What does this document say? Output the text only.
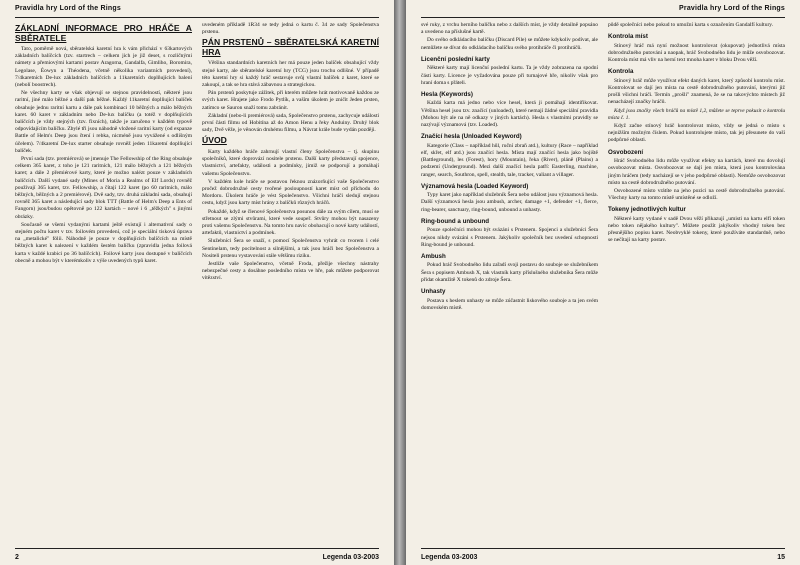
Pravidla hry Lord of the Rings
ZÁKLADNÍ INFORMACE PRO HRÁČE A SBĚRATELE

Tato, poměrně nová, sběratelská karetní hra k vám přichází v 63kartových základních balíčcích (tzv. startrech – celkem jich je již deset, s rozličnými námety a přemiovými kartami postav Aragorna, Gandalfa, Gimliho, Boromira, Legolase, Éowyn a Théodena, včetně několika variantních provedení), 7/4karetních De-lux základních balíčcích a 11karetních doplňujících balení (nebolí boostrech).

Ne všechny karty se však objevují se stejnou pravidelností, některé jsou raritní, jiné málo běžné a další pak běžné. Každý 11karetní doplňující balíček obsahuje jednu raritní kartu a dále pak kombinaci 10 běžných a málo běžných karet. 60 karet v základním nebo De-lux balíčku (a totéž v doplňujících balíčcích je vždy stejných (tzv. fixních), takže je zaručeno v každém typově odpovídajícím balíčku. Zbylé tři jsou náhodně vložené raritní karty (od expanze Battle of Helm's Deep jsou čtení i rebka, nicméně jsou vyvážené s odlišným účelem). 7/4karetní De-lux starter obsahuje rovněž jeden 11karetní doplňující balíček.

První sada (tzv. premiérová) se jmenuje The Fellowship of the Ring obsahuje celkem 365 karet, z toho je 121 raritních, 121 málo běžných a 121 běžných karet; a dále 2 přemiérové karty, které je možno nalézt pouze v základních balíčcích. Další vydané sady (Mines of Moria a Realms of Elf Lords) rovněž používají 365 karet, tzv. Fellowship, a čítají 122 karet (po 60 raritních, málo běžných, běžných a 2 premiérové). Dvě sady, tzv. druhá základní sada, obsahují rovněž 365 karet a následující sady blok TTT (Battle of Helm's Deep a Ents of Fangorn) jsou/budou opětovně po 122 kartách – nové i 6 „těžkých" s jinými obrázky.

Současně se všemi vydanými kartami ještě existují i alternativní sady o stejném počtu karet v tzv. foilovém provedení, což je speciální tisková úprava na „metalické" fólii. Náhodně je pouze v doplňujících balíčcích na místě běžných karet k nalezení v každém šestém balíčku (zpravidla jedna foilová karta v každé krabici po 36 balíčcích). Foilové karty jsou dostupné v balíčcích obecně a mohou být v kterémkoliv z výše uvedených typů karet.

uvedeném příkladě 1R34 se tedy jedná o kartu č. 34 ze sady Společenstva prstenu.

PÁN PRSTENŮ – SBĚRATELSKÁ KARETNÍ HRA

Většina standardních karetních her má pouze jeden balíček obsahující vždy stejné karty, ale sběratelské karetní hry (TCG) jsou trochu odlišné. V případě této karetní hry si každý hráč sestavuje svůj vlastní balíček z karet, které se zakoupí, a tak se hra stává zábavnou a strategickou.

Pán prstenů poskytuje zážitek, při kterém můžete hrát motivovaně každou ze svých karet. Hrajete jako Frodo Pytlík, a vaším úkolem je zničit Jeden prsten, zatímco se Sauron snaží tomu zabránit.

Základní (nebo-li premiérová) sada, Společenstvo prstenu, zachycuje události první části filmu od Hobitína až do Amon Henu a řeky Anduiny. Druhý blok sady, Dvě věže, je věnován druhému filmu, a Návrat krále bude vydán později.

ÚVOD

Karty každého hráče zahrnují vlastní členy Společenstva – tj. skupinu společníků, které doprovází nositele prstenu. Další karty představují spojence, vlastnictví, artefakty, události a podmínky, jimiž se podporují a pomáhají vašemu Společenstvu.

V každém kole hráče se postavou řeknou znázorňující vaše Společenstvo pročež dobrodružné cesty tvořené posloupností karet míst od příchodu do Mordoru. Úkolem hráče je vést Společenstvo. Všichni hráči sledují stejnou cestu, když jsou karty míst hrány z balíčků různých hráčů.

Pokaždé, když se členové Společenstva posunou dále za svým cílem, musí se střetnout se zlými stvůrami, které vede soupeř. Stvůry mohou být nasazeny proti vašemu Společenstvu. Na tomto hru navíc obohacují o nové karty událostí, artefaktů, vlastnictví a podmínek.

Služebníci Šera se snaží, s pomocí Společenstva vyhrát co tvorem i celé Sentinelam, tedy pocítelnost a silnějšími, a tak jsou hráči bez Společenstva a Nositeli prstenu vystavováni stále většímu riziku.

Jestliže vaše Společenstvo, včetně Froda, přežije všechny nástrahy nebezpečné cesty a dosáhne posledního místa ve hře, pak můžete podporovat vítězství.

2	Legenda 03-2003
Pravidla hry Lord of the Rings

své ruky, z vrchu herního balíčku nebo z dalších míst, je vždy detailně popsáno a uvedeno na příslušné kartě.

Do svého odkládacího balíčku (Discard Pile) se můžete kdykoliv podívat, ale nemůžete se dívat do odkládacího balíčku svého protihráče či protihráčů.

Licenční poslední karty

Některé karty mají licenční poslední kartu. Ta je vždy zobrazena na spodní části karty. Licence je vyžadována pouze při turnajové hře, nikoliv však pro hraní doma s přáteli.

Hesla (Keywords)

Každá karta má jedno nebo více hesel, která ji pomáhají identifikovat. Většina hesel jsou tzv. značící (unloaded), které nemají žádné speciální pravidla (Mohou být ale na ně odkazy v jiných kartách). Hesla s vlastními pravidly se nazývají významová (tzv. Loaded).

Značící hesla (Unloaded Keyword)

Kategorie (Class – například hůl, ruční zbraň atd.), kultury (Race – například elf, skřet, elf atd.) jsou značící hesla. Místa mají značící hesla jako bojiště (Battleground), les (Forest), hory (Mountain), řeka (River), pláně (Plains) a podzemí (Underground). Mezi další značící hesla patří: Easterling, machine, ranger, search, Southron, spell, stealth, tale, tracker, valiant a villager.

Významová hesla (Loaded Keyword)

Typy karet jako například služebník Šera nebo událost jsou významová hesla. Další významová hesla jsou ambush, archer, damage +1, defender +1, fierce, ring-bearer, sanctuary, ring-bound, unbound a unhasty.

Ring-bound a unbound

Pouze společníci mohou být svázáni s Prstenem. Spojenci a služebníci Šera nejsou nikdy svázáni s Prstenem. Jakýkoliv společník bez uvedení schopnosti Ring-bound je unbound.

Ambush

Pokud hráč Svobodného lidu zařadí svoji postavu do souboje se služebníkem Šera s popisem Ambush X, tak vlastník karty příslušného služebníka Šera může přidat okamžitě X tokenů do zdroje Šera.

Unhasty

Postava s heslem unhasty se může zúčastnit liskového souboje a ta jen svém domovském místě.

půdě společníci nebo pokud to umožní karta s označením Gandalfí kultury.

Kontrola míst

Stínový hráč má nyní možnost kontrolovat (okupovat) jednotlivá místa dobrodružného putování a naopak, hráč Svobodného lidu je může osvobozovat. Kontrola míst má vliv na herní text mnoha karet v bloku Dvou věží.

Kontrola

Stínový hráč může využívat efekt daných karet, který způsobí kontrolu míst. Kontrolovat se dají jen místa na cestě dobrodružného putování, kterými již prošli všichni hráči. Termín „prošli" znamená, že se na takovýchto místech již nenacházejí značky hráčů.

Když jsou značky všech hráčů na místě 1,2, můžete se teprve pokusit o kontrolu místa č. 1.

Když začne stínový hráč kontrolovat místo, vždy se jedná o místo s nejnižším možným číslem. Pokud kontrolujete místo, tak jej přesunete do vaší podpůrné oblasti.

Osvobození

Hráč Svobodného lidu může využívat efekty na kartách, které mu dovolují osvobozovat místa. Osvobozovat se dají jen místa, která jsou kontrolována jiným hráčem (tedy nacházejí se v jeho podpůrné oblasti). Nemůže osvobozovat místo na cestě dobrodružného putování.

Osvobozené místo vrátíte na jeho pozici na cestě dobrodružného putování. Všechny karty na tomto místě umístěné se odloží.

Tokeny jednotlivých kultur

Některé karty vydané v sadě Dvou věží přikazují „umisti na kartu elfí token nebo token nějakého kultury". Můžete použít jakýkoliv vhodný token bez přesnějšího popisu karet. Neobvyklé tokeny, které používáte standardně, nebo se nečítají na karty postav.

Legenda 03-2003	15
